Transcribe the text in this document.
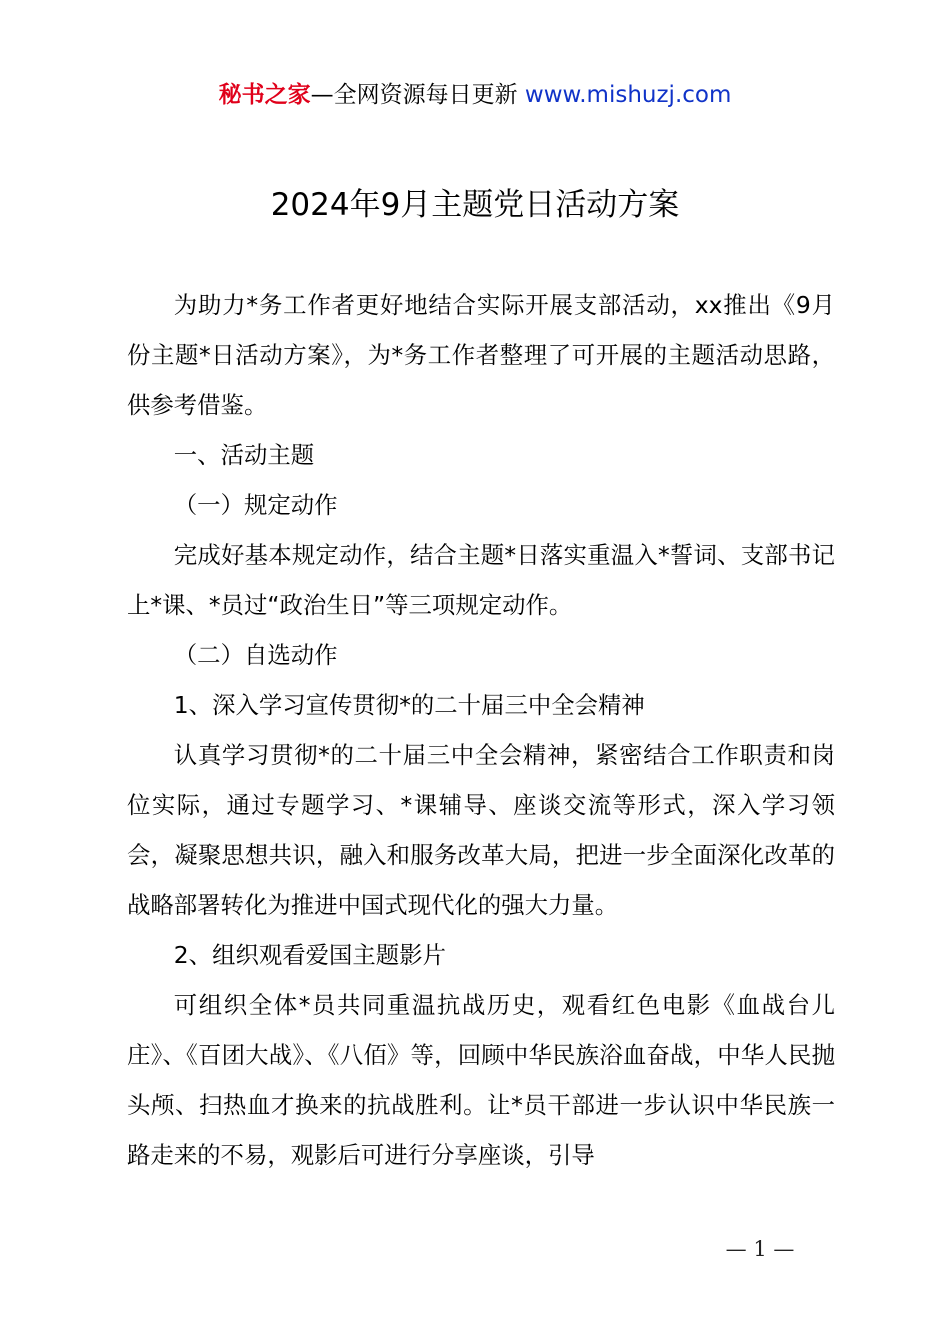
秘书之家—全网资源每日更新 www.mishuzj.com
2024年9月主题党日活动方案

为助力*务工作者更好地结合实际开展支部活动，xx推出《9月份主题*日活动方案》，为*务工作者整理了可开展的主题活动思路，供参考借鉴。

一、活动主题

（一）规定动作

完成好基本规定动作，结合主题*日落实重温入*誓词、支部书记上*课、*员过“政治生日”等三项规定动作。

（二）自选动作

1、深入学习宣传贯彻*的二十届三中全会精神

认真学习贯彻*的二十届三中全会精神，紧密结合工作职责和岗位实际，通过专题学习、*课辅导、座谈交流等形式，深入学习领会，凝聚思想共识，融入和服务改革大局，把进一步全面深化改革的战略部署转化为推进中国式现代化的强大力量。

2、组织观看爱国主题影片

可组织全体*员共同重温抗战历史，观看红色电影《血战台儿庄》、《百团大战》、《八佰》等，回顾中华民族浴血奋战，中华人民抛头颅、扫热血才换来的抗战胜利。让*员干部进一步认识中华民族一路走来的不易，观影后可进行分享座谈，引导

— 1 —
